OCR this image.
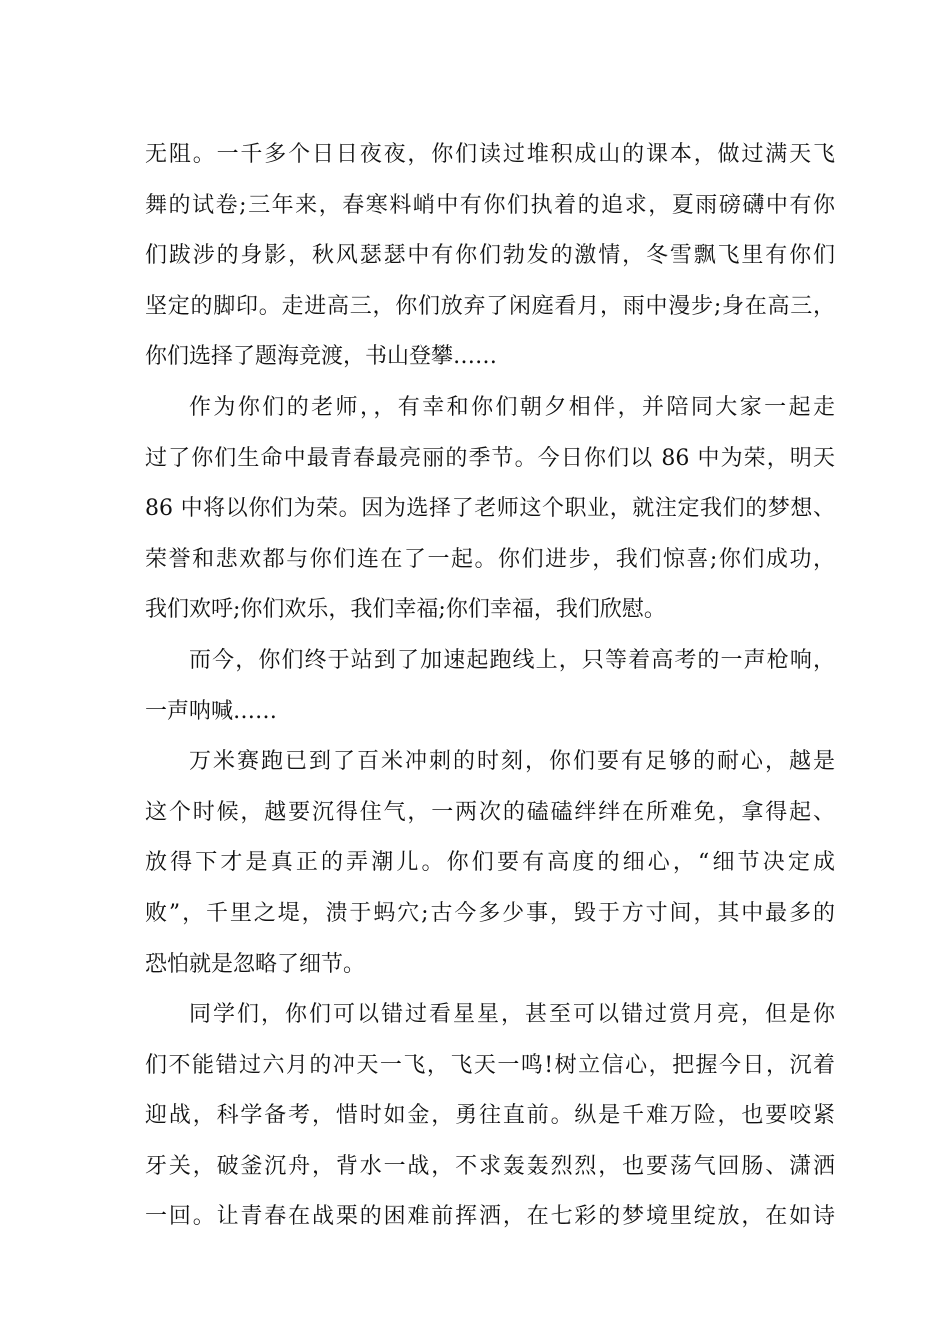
无阻。一千多个日日夜夜，你们读过堆积成山的课本，做过满天飞
舞的试卷;三年来，春寒料峭中有你们执着的追求，夏雨磅礴中有你
们跋涉的身影，秋风瑟瑟中有你们勃发的激情，冬雪飘飞里有你们
坚定的脚印。走进高三，你们放弃了闲庭看月，雨中漫步;身在高三，
你们选择了题海竞渡，书山登攀……
作为你们的老师，，有幸和你们朝夕相伴，并陪同大家一起走
过了你们生命中最青春最亮丽的季节。今日你们以 86 中为荣，明天
86 中将以你们为荣。因为选择了老师这个职业，就注定我们的梦想、
荣誉和悲欢都与你们连在了一起。你们进步，我们惊喜;你们成功，
我们欢呼;你们欢乐，我们幸福;你们幸福，我们欣慰。
而今，你们终于站到了加速起跑线上，只等着高考的一声枪响，
一声呐喊……
万米赛跑已到了百米冲刺的时刻，你们要有足够的耐心，越是
这个时候，越要沉得住气，一两次的磕磕绊绊在所难免，拿得起、
放得下才是真正的弄潮儿。你们要有高度的细心，“细节决定成
败”，千里之堤，溃于蚂穴;古今多少事，毁于方寸间，其中最多的
恐怕就是忽略了细节。
同学们，你们可以错过看星星，甚至可以错过赏月亮，但是你
们不能错过六月的冲天一飞，飞天一鸣!树立信心，把握今日，沉着
迎战，科学备考，惜时如金，勇往直前。纵是千难万险，也要咬紧
牙关，破釜沉舟，背水一战，不求轰轰烈烈，也要荡气回肠、潇洒
一回。让青春在战栗的困难前挥洒，在七彩的梦境里绽放，在如诗
